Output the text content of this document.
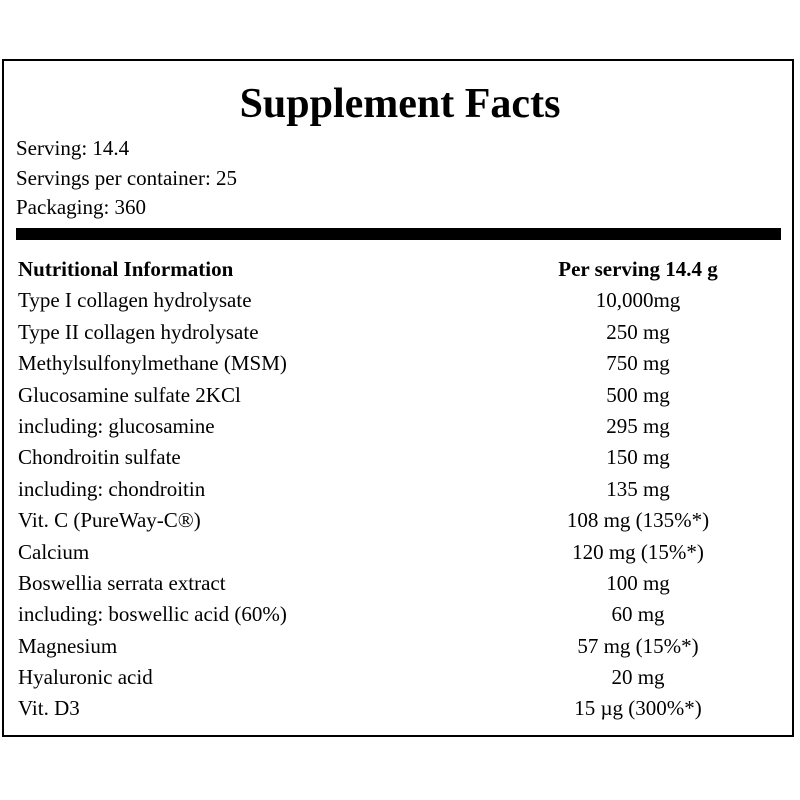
Supplement Facts
Serving: 14.4
Servings per container: 25
Packaging: 360
Nutritional Information	Per serving 14.4 g
Type I collagen hydrolysate	10,000mg
Type II collagen hydrolysate	250 mg
Methylsulfonylmethane (MSM)	750 mg
Glucosamine sulfate 2KCl	500 mg
including: glucosamine	295 mg
Chondroitin sulfate	150 mg
including: chondroitin	135 mg
Vit. C (PureWay-C®)	108 mg (135%*)
Calcium	120 mg (15%*)
Boswellia serrata extract	100 mg
including: boswellic acid (60%)	60 mg
Magnesium	57 mg (15%*)
Hyaluronic acid	20 mg
Vit. D3	15 µg (300%*)
